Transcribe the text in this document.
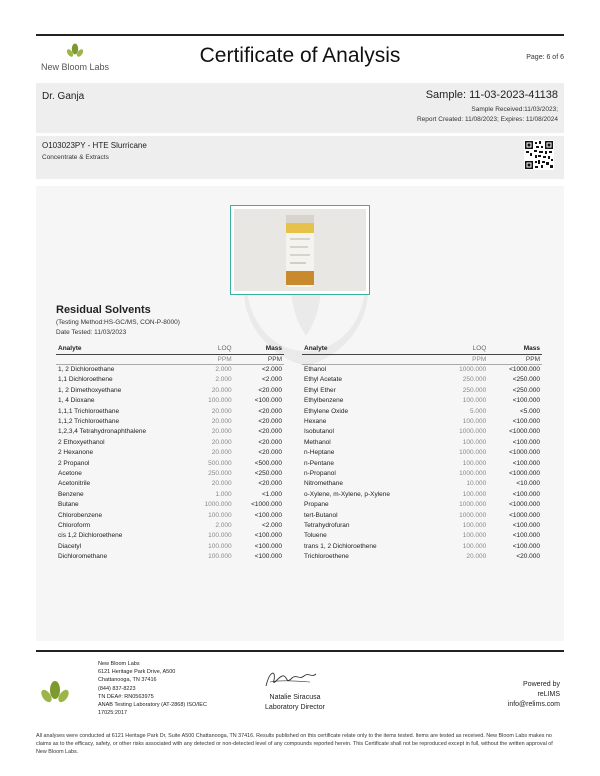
New Bloom Labs	Certificate of Analysis	Page: 6 of 6
Dr. Ganja	Sample: 11-03-2023-41138
Sample Received:11/03/2023;
Report Created: 11/08/2023; Expires: 11/08/2024
O103023PY - HTE Slurricane
Concentrate & Extracts
Residual Solvents
(Testing Method:HS-GC/MS, CON-P-8000)
Date Tested: 11/03/2023
Analyte	LOQ	Mass
	PPM	PPM
1, 2 Dichloroethane	2.000	<2.000
1,1 Dichloroethene	2.000	<2.000
1, 2 Dimethoxyethane	20.000	<20.000
1, 4 Dioxane	100.000	<100.000
1,1,1 Trichloroethane	20.000	<20.000
1,1,2 Trichloroethane	20.000	<20.000
1,2,3,4 Tetrahydronaphthalene	20.000	<20.000
2 Ethoxyethanol	20.000	<20.000
2 Hexanone	20.000	<20.000
2 Propanol	500.000	<500.000
Acetone	250.000	<250.000
Acetonitrile	20.000	<20.000
Benzene	1.000	<1.000
Butane	1000.000	<1000.000
Chlorobenzene	100.000	<100.000
Chloroform	2.000	<2.000
cis 1,2 Dichloroethene	100.000	<100.000
Diacetyl	100.000	<100.000
Dichloromethane	100.000	<100.000
Analyte	LOQ	Mass
	PPM	PPM
Ethanol	1000.000	<1000.000
Ethyl Acetate	250.000	<250.000
Ethyl Ether	250.000	<250.000
Ethylbenzene	100.000	<100.000
Ethylene Oxide	5.000	<5.000
Hexane	100.000	<100.000
Isobutanol	1000.000	<1000.000
Methanol	100.000	<100.000
n-Heptane	1000.000	<1000.000
n-Pentane	100.000	<100.000
n-Propanol	1000.000	<1000.000
Nitromethane	10.000	<10.000
o-Xylene, m-Xylene, p-Xylene	100.000	<100.000
Propane	1000.000	<1000.000
tert-Butanol	1000.000	<1000.000
Tetrahydrofuran	100.000	<100.000
Toluene	100.000	<100.000
trans 1, 2 Dichloroethene	100.000	<100.000
Trichloroethene	20.000	<20.000
New Bloom Labs
6121 Heritage Park Drive, A500
Chattanooga, TN 37416
(844) 837-8223
TN DEA#: RN0563975
ANAB Testing Laboratory (AT-2868) ISO/IEC
17025:2017
Natalie Siracusa
Laboratory Director
Powered by
reLIMS
info@relims.com
All analyses were conducted at 6121 Heritage Park Dr, Suite A500 Chattanooga, TN 37416. Results published on this certificate relate only to the items tested. Items are tested as received. New Bloom Labs makes no claims as to the efficacy, safety, or other risks associated with any detected or non-detected level of any compounds reported herein. This Certificate shall not be reproduced except in full, without the written approval of New Bloom Labs.
